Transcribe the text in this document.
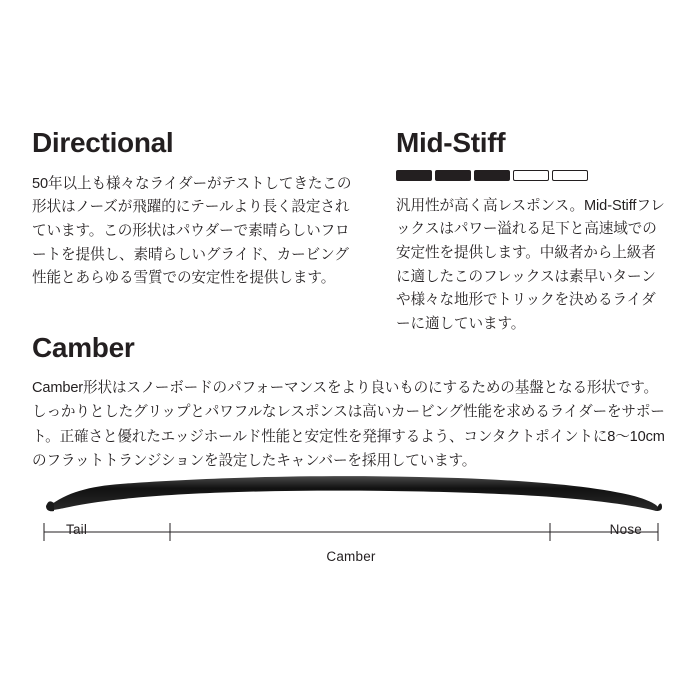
Directional

50年以上も様々なライダーがテストしてきたこの形状はノーズが飛躍的にテールより長く設定されています。この形状はパウダーで素晴らしいフロートを提供し、素晴らしいグライド、カービング性能とあらゆる雪質での安定性を提供します。

Mid-Stiff

汎用性が高く高レスポンス。Mid-Stiffフレックスはパワー溢れる足下と高速域での安定性を提供します。中級者から上級者に適したこのフレックスは素早いターンや様々な地形でトリックを決めるライダーに適しています。

Camber

Camber形状はスノーボードのパフォーマンスをより良いものにするための基盤となる形状です。しっかりとしたグリップとパワフルなレスポンスは高いカービング性能を求めるライダーをサポート。正確さと優れたエッジホールド性能と安定性を発揮するよう、コンタクトポイントに8〜10cmのフラットトランジションを設定したキャンバーを採用しています。

Tail	Nose
Camber
